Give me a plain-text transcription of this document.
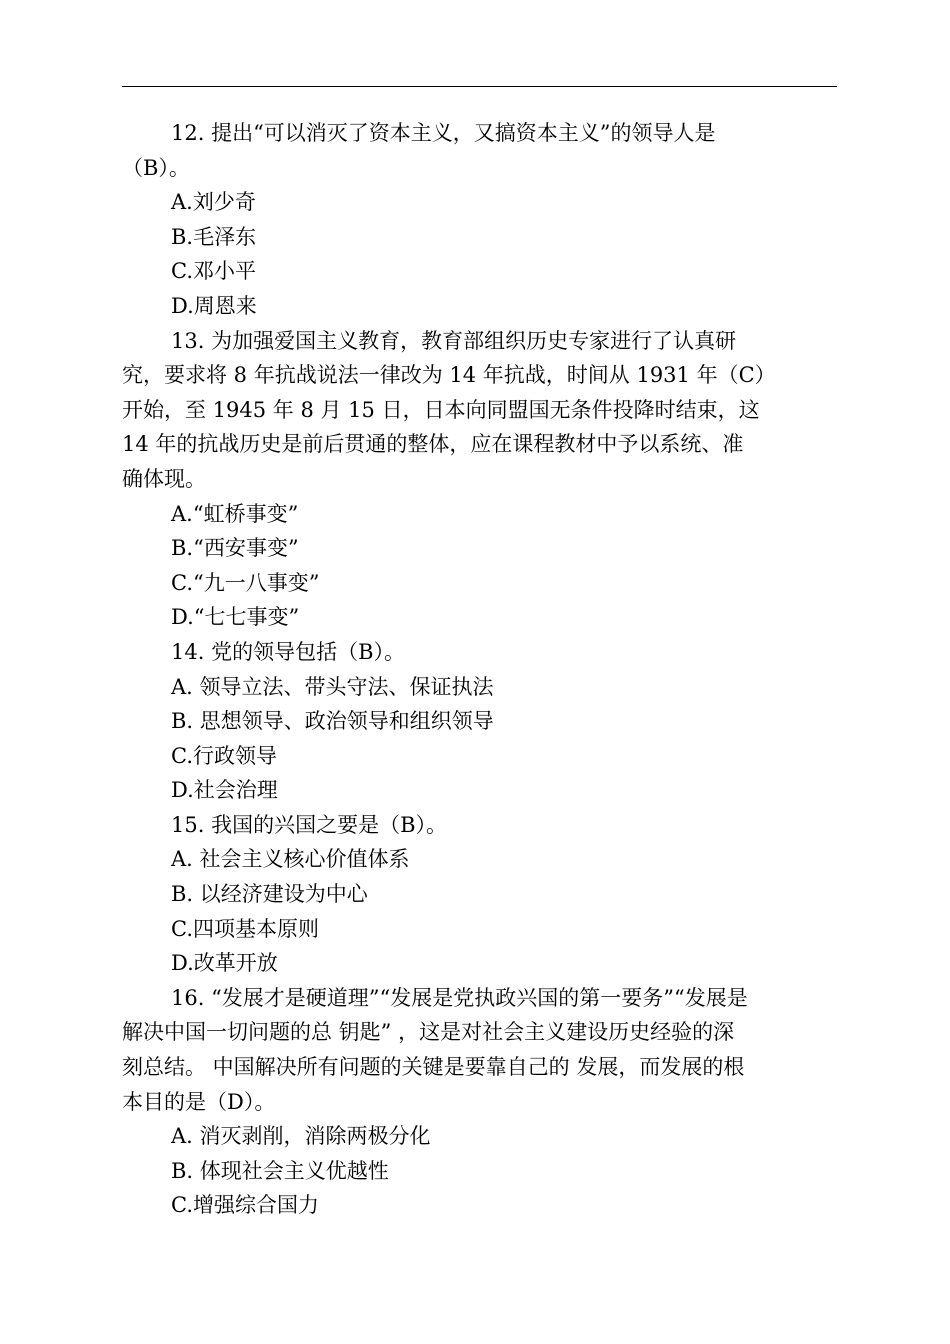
12. 提出“可以消灭了资本主义，又搞资本主义”的领导人是
（B）。
A.刘少奇
B.毛泽东
C.邓小平
D.周恩来
13. 为加强爱国主义教育，教育部组织历史专家进行了认真研
究，要求将 8 年抗战说法一律改为 14 年抗战，时间从 1931 年（C）
开始，至 1945 年 8 月 15 日，日本向同盟国无条件投降时结束，这
14 年的抗战历史是前后贯通的整体，应在课程教材中予以系统、准
确体现。
A.“虹桥事变”
B.“西安事变”
C.“九一八事变”
D.“七七事变”
14. 党的领导包括（B）。
A. 领导立法、带头守法、保证执法
B. 思想领导、政治领导和组织领导
C.行政领导
D.社会治理
15. 我国的兴国之要是（B）。
A. 社会主义核心价值体系
B. 以经济建设为中心
C.四项基本原则
D.改革开放
16. “发展才是硬道理”“发展是党执政兴国的第一要务”“发展是
解决中国一切问题的总 钥匙” ，这是对社会主义建设历史经验的深
刻总结。 中国解决所有问题的关键是要靠自己的 发展，而发展的根
本目的是（D）。
A. 消灭剥削，消除两极分化
B. 体现社会主义优越性
C.增强综合国力
